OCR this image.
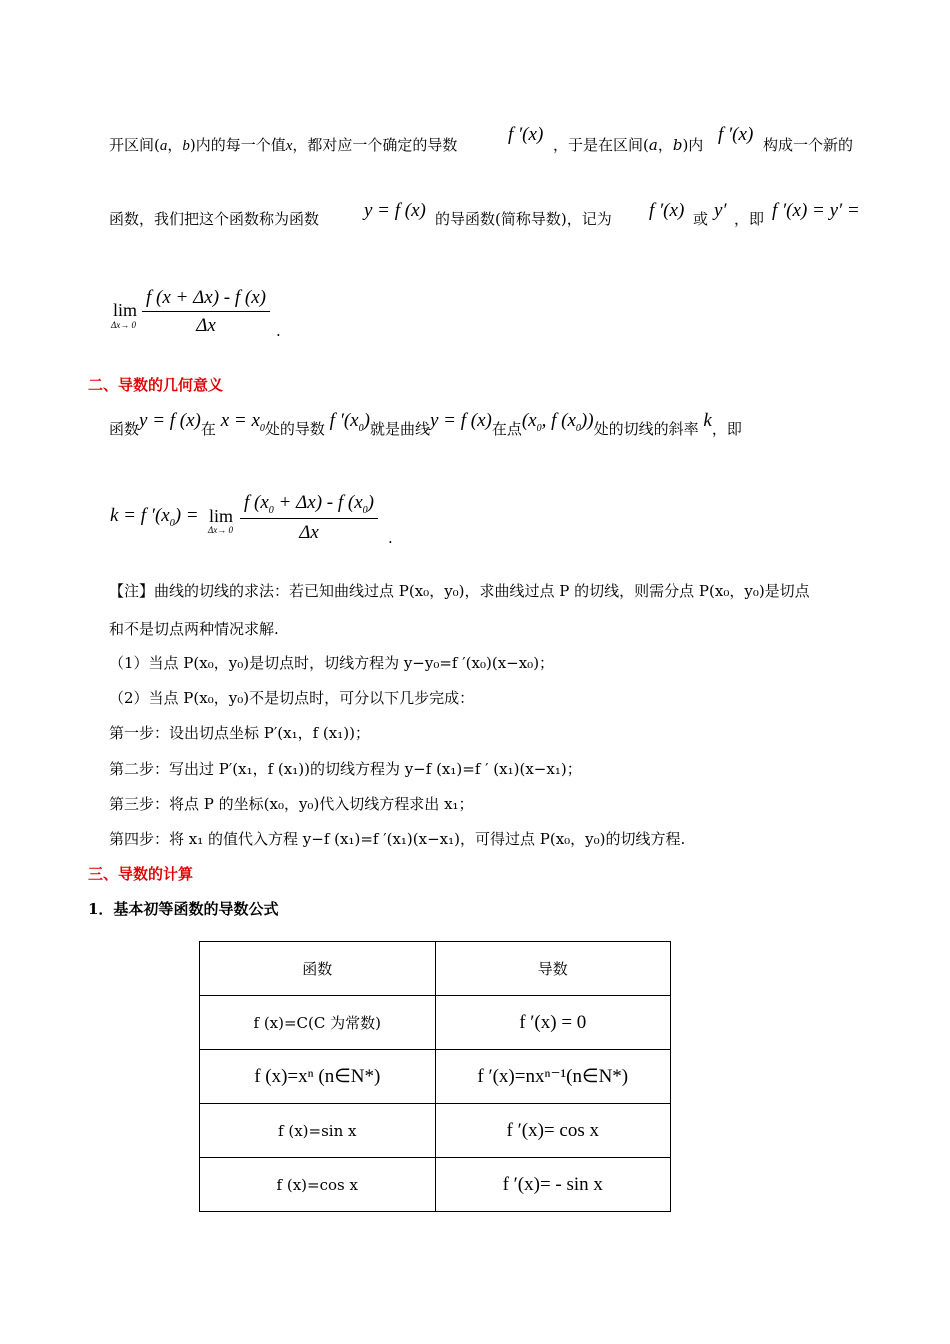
开区间(a，b)内的每一个值x，都对应一个确定的导数	f ′(x) ，于是在区间(a，b)内 f ′(x) 构成一个新的
函数，我们把这个函数称为函数 y = f (x) 的导函数(简称导数)，记为 f ′(x) 或 y′ ，即 f ′(x) = y′ =
lim
$\Delta x\to 0 \frac{f (x + \Delta x) - f (x)}{\Delta x}$ .
二、导数的几何意义
函数y = f (x)在 $x = x_0$处的导数 f $'(x_0)$就是曲线y = f (x)在点($x_0$, f $(x_0)$)处的切线的斜率 k，即
k = f $'(x_0) = \lim$
$\Delta x\to 0 \frac{f (x_0 + \Delta x) - f (x_0)}{\Delta x}$ .
【注】曲线的切线的求法：若已知曲线过点 P(x₀，y₀)，求曲线过点 P 的切线，则需分点 P(x₀，y₀)是切点
和不是切点两种情况求解.
（1）当点 P(x₀，y₀)是切点时，切线方程为 y−y₀=f ′(x₀)(x−x₀)；
（2）当点 P(x₀，y₀)不是切点时，可分以下几步完成：
第一步：设出切点坐标 P′(x₁，f (x₁))；
第二步：写出过 P′(x₁，f (x₁))的切线方程为 y−f (x₁)=f ′ (x₁)(x−x₁)；
第三步：将点 P 的坐标(x₀，y₀)代入切线方程求出 x₁；
第四步：将 x₁ 的值代入方程 y−f (x₁)=f ′(x₁)(x−x₁)，可得过点 P(x₀，y₀)的切线方程.
三、导数的计算
1．基本初等函数的导数公式
函数	导数
f (x)=C(C 为常数)	f ′(x) = 0
f (x)=xⁿ (n∈N*)	f ′(x)=nxⁿ⁻¹(n∈N*)
f (x)=sin x	f ′(x)= cos x
f (x)=cos x	f ′(x)= - sin x
